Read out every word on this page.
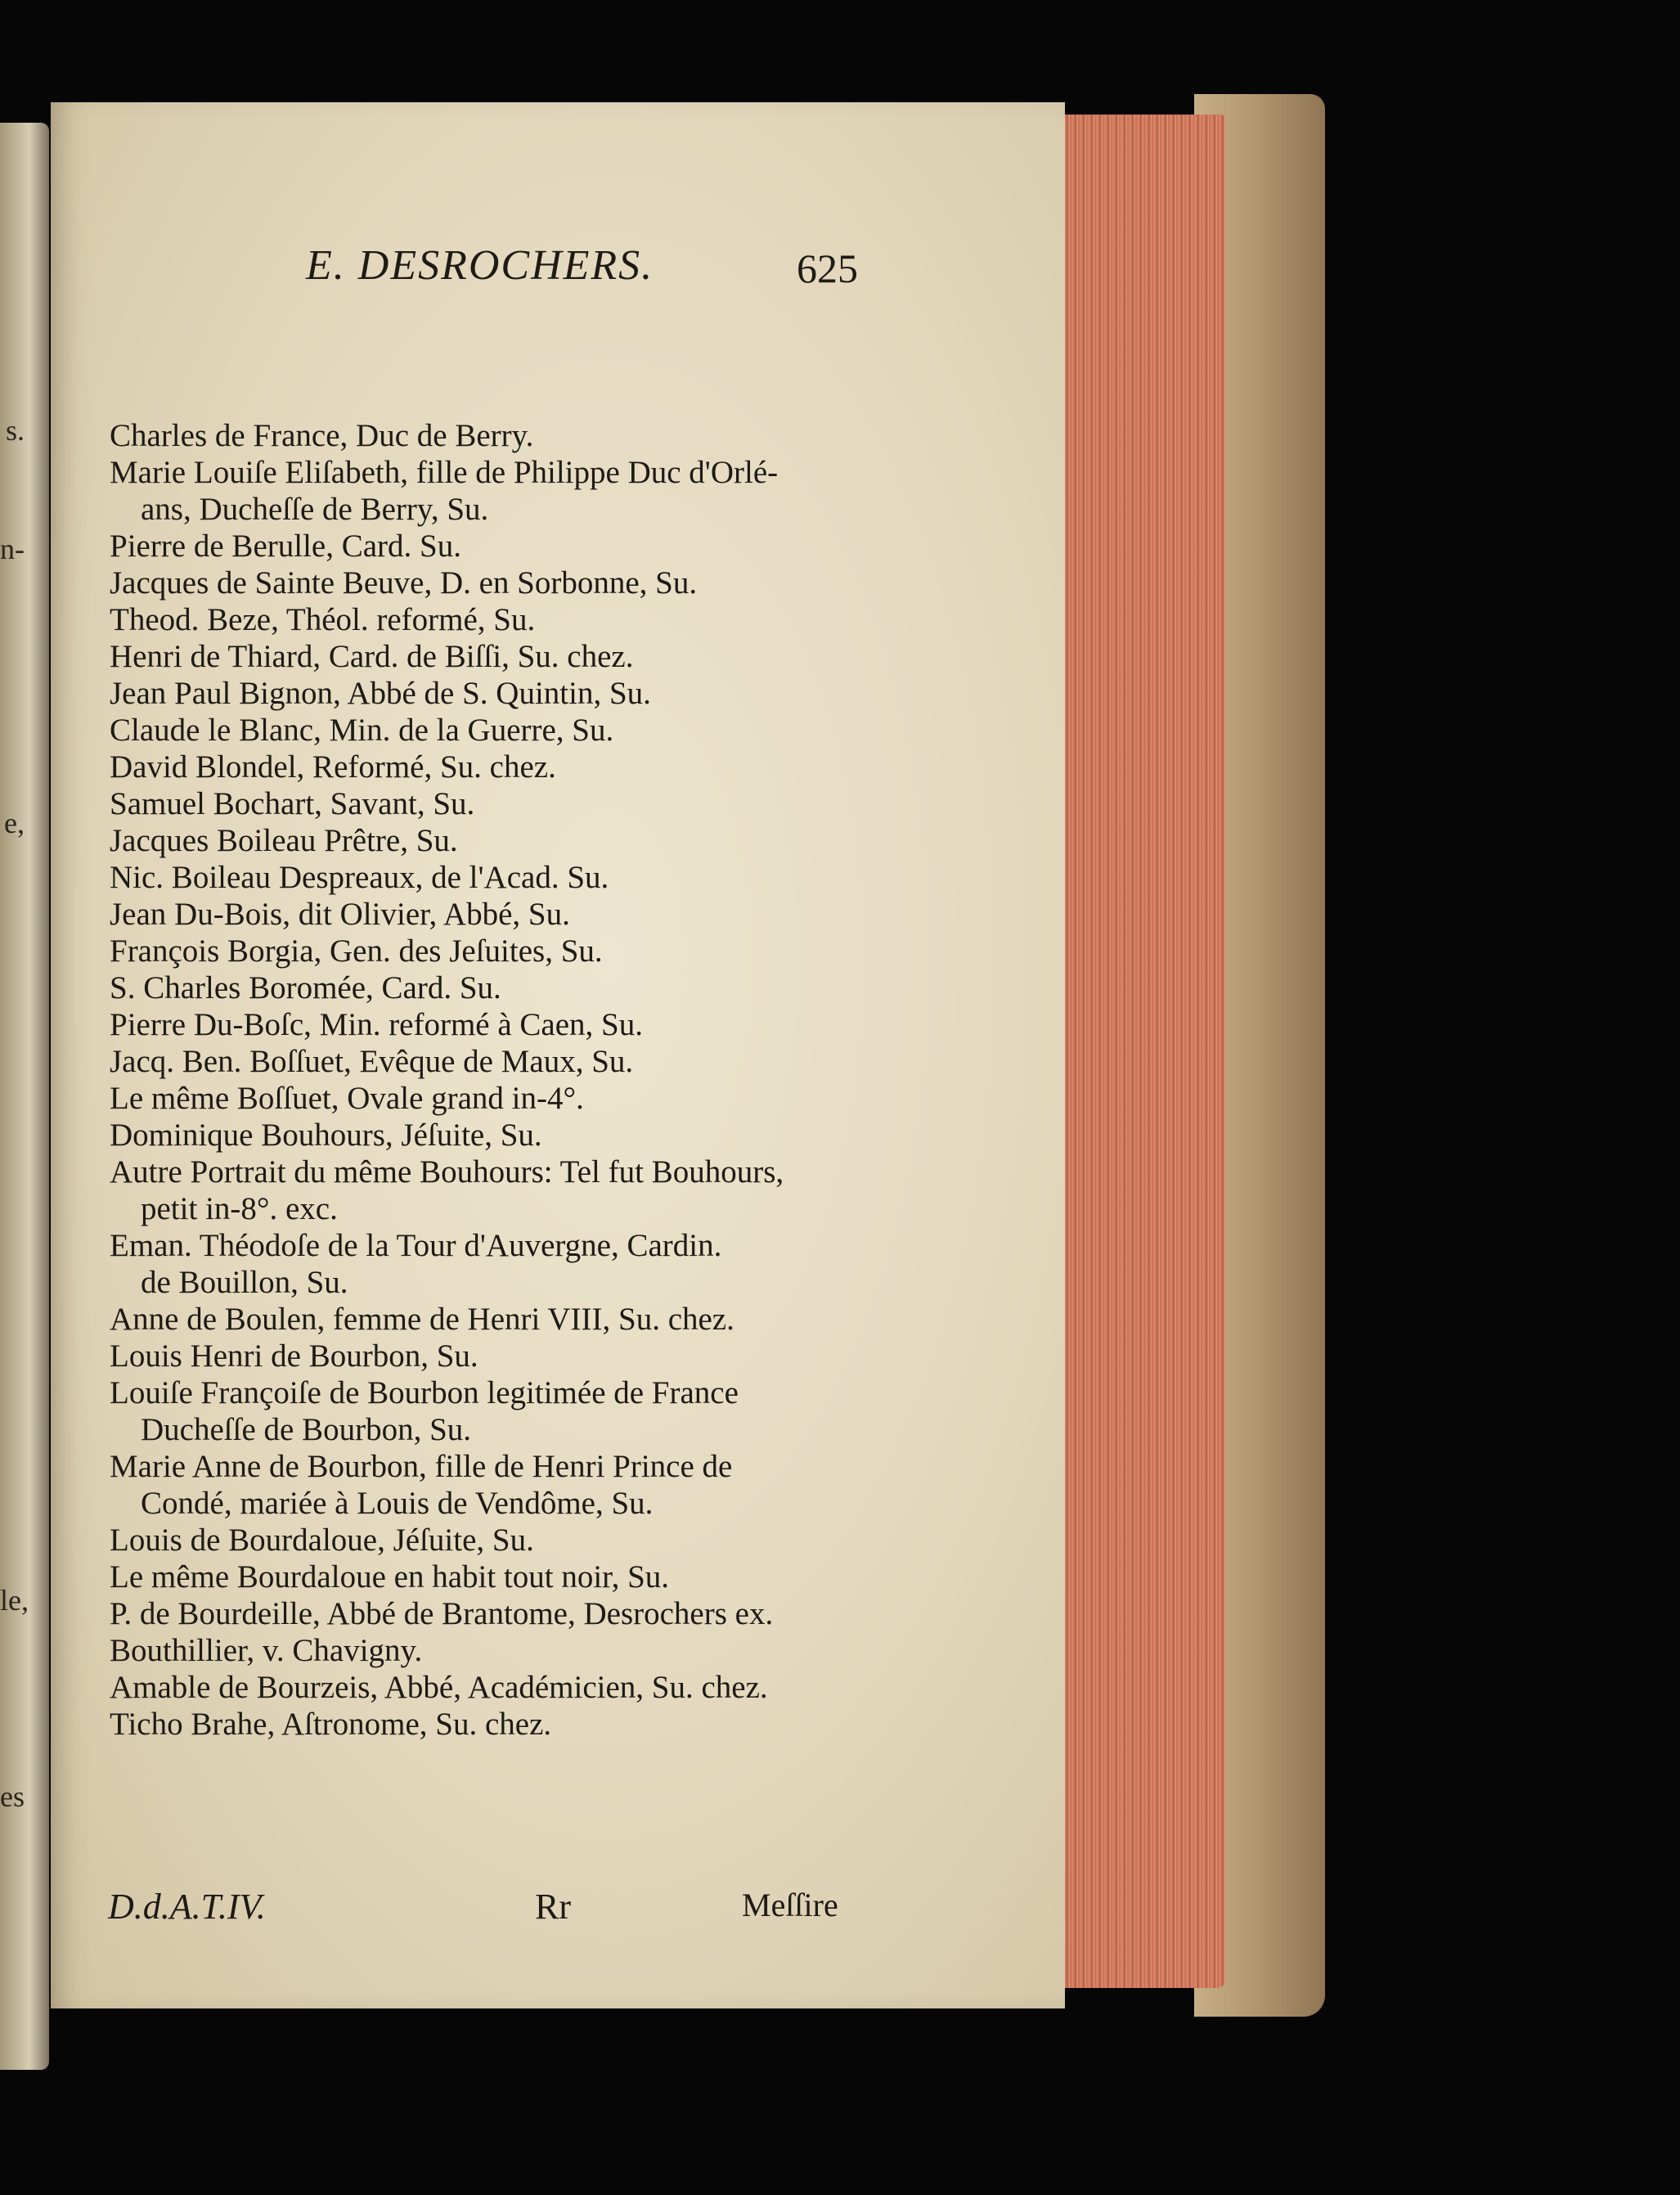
s.
n-
e,
le,
es
E. DESROCHERS.	625
Charles de France, Duc de Berry.
Marie Louiſe Eliſabeth, fille de Philippe Duc d'Orlé-
ans, Ducheſſe de Berry, Su.
Pierre de Berulle, Card. Su.
Jacques de Sainte Beuve, D. en Sorbonne, Su.
Theod. Beze, Théol. reformé, Su.
Henri de Thiard, Card. de Biſſi, Su. chez.
Jean Paul Bignon, Abbé de S. Quintin, Su.
Claude le Blanc, Min. de la Guerre, Su.
David Blondel, Reformé, Su. chez.
Samuel Bochart, Savant, Su.
Jacques Boileau Prêtre, Su.
Nic. Boileau Despreaux, de l'Acad. Su.
Jean Du-Bois, dit Olivier, Abbé, Su.
François Borgia, Gen. des Jeſuites, Su.
S. Charles Boromée, Card. Su.
Pierre Du-Boſc, Min. reformé à Caen, Su.
Jacq. Ben. Boſſuet, Evêque de Maux, Su.
Le même Boſſuet, Ovale grand in-4°.
Dominique Bouhours, Jéſuite, Su.
Autre Portrait du même Bouhours: Tel fut Bouhours,
petit in-8°. exc.
Eman. Théodoſe de la Tour d'Auvergne, Cardin.
de Bouillon, Su.
Anne de Boulen, femme de Henri VIII, Su. chez.
Louis Henri de Bourbon, Su.
Louiſe Françoiſe de Bourbon legitimée de France
Ducheſſe de Bourbon, Su.
Marie Anne de Bourbon, fille de Henri Prince de
Condé, mariée à Louis de Vendôme, Su.
Louis de Bourdaloue, Jéſuite, Su.
Le même Bourdaloue en habit tout noir, Su.
P. de Bourdeille, Abbé de Brantome, Desrochers ex.
Bouthillier, v. Chavigny.
Amable de Bourzeis, Abbé, Académicien, Su. chez.
Ticho Brahe, Aſtronome, Su. chez.
D.d.A.T.IV.	Rr	Meſſire
